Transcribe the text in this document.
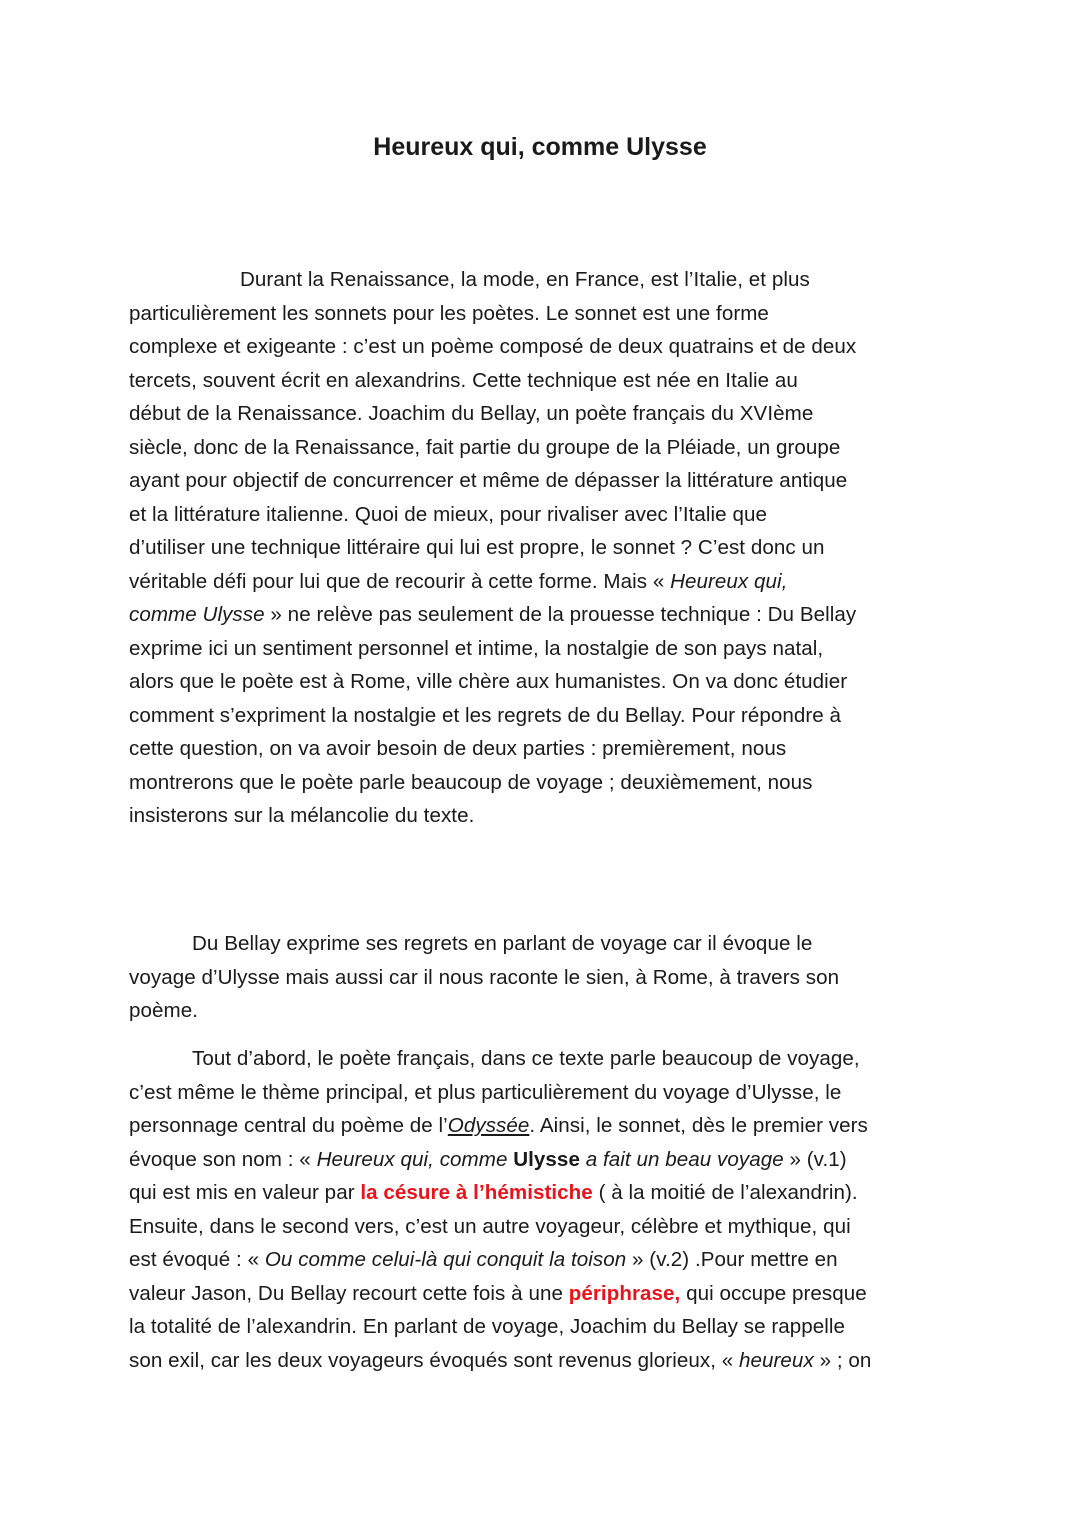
Heureux qui, comme Ulysse
Durant la Renaissance, la mode, en France, est l’Italie, et plus
particulièrement les sonnets pour les poètes. Le sonnet est une forme
complexe et exigeante : c’est un poème composé de deux quatrains et de deux
tercets, souvent écrit en alexandrins. Cette technique est née en Italie au
début de la Renaissance. Joachim du Bellay, un poète français du XVIème
siècle, donc de la Renaissance, fait partie du groupe de la Pléiade, un groupe
ayant pour objectif de concurrencer et même de dépasser la littérature antique
et la littérature italienne. Quoi de mieux, pour rivaliser avec l’Italie que
d’utiliser une technique littéraire qui lui est propre, le sonnet ? C’est donc un
véritable défi pour lui que de recourir à cette forme. Mais « Heureux qui,
comme Ulysse » ne relève pas seulement de la prouesse technique : Du Bellay
exprime ici un sentiment personnel et intime, la nostalgie de son pays natal,
alors que le poète est à Rome, ville chère aux humanistes. On va donc étudier
comment s’expriment la nostalgie et les regrets de du Bellay. Pour répondre à
cette question, on va avoir besoin de deux parties : premièrement, nous
montrerons que le poète parle beaucoup de voyage ; deuxièmement, nous
insisterons sur la mélancolie du texte.
Du Bellay exprime ses regrets en parlant de voyage car il évoque le
voyage d’Ulysse mais aussi car il nous raconte le sien, à Rome, à travers son
poème.
Tout d’abord, le poète français, dans ce texte parle beaucoup de voyage,
c’est même le thème principal, et plus particulièrement du voyage d’Ulysse, le
personnage central du poème de l’Odyssée. Ainsi, le sonnet, dès le premier vers
évoque son nom : « Heureux qui, comme Ulysse a fait un beau voyage » (v.1)
qui est mis en valeur par la césure à l’hémistiche ( à la moitié de l’alexandrin).
Ensuite, dans le second vers, c’est un autre voyageur, célèbre et mythique, qui
est évoqué : « Ou comme celui-là qui conquit la toison » (v.2) .Pour mettre en
valeur Jason, Du Bellay recourt cette fois à une périphrase, qui occupe presque
la totalité de l’alexandrin. En parlant de voyage, Joachim du Bellay se rappelle
son exil, car les deux voyageurs évoqués sont revenus glorieux, « heureux » ; on
